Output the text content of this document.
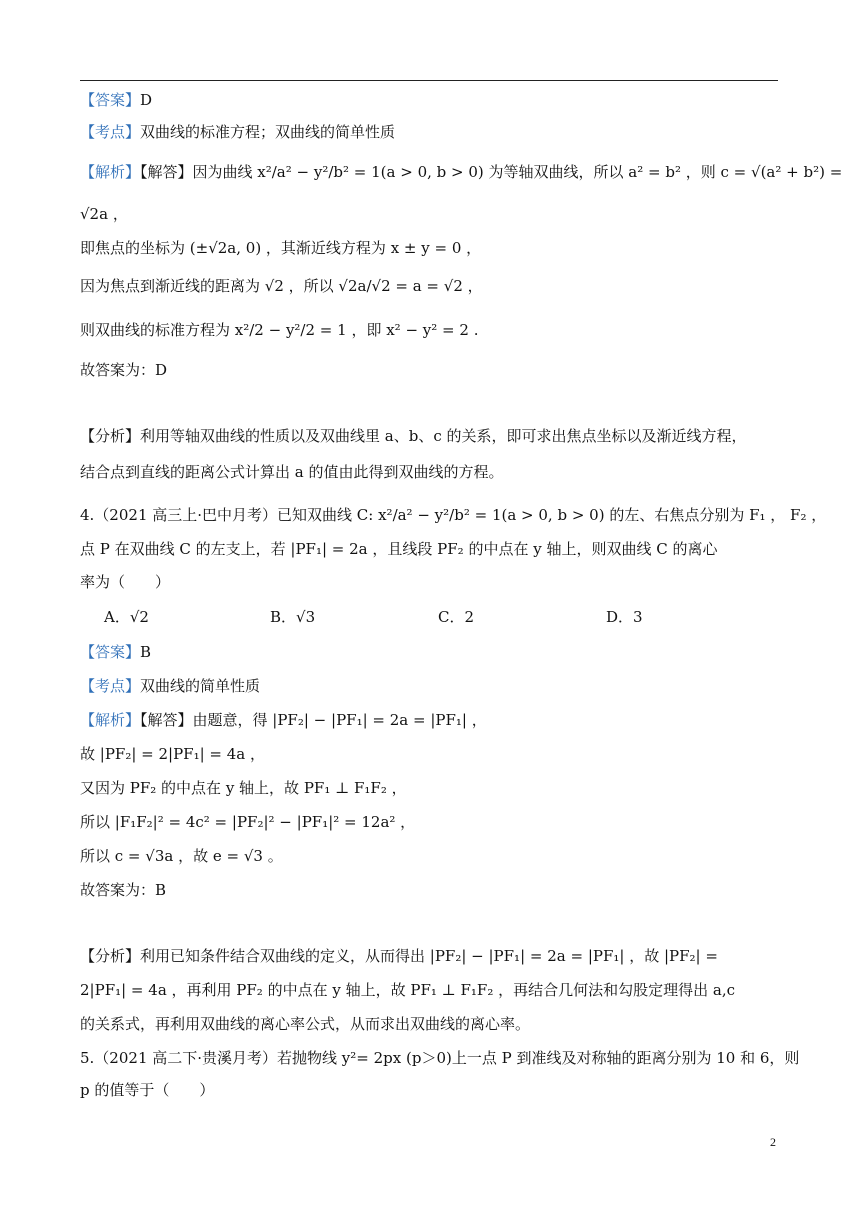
【答案】D
【考点】双曲线的标准方程；双曲线的简单性质
【解析】【解答】因为曲线 x²/a² − y²/b² = 1(a > 0, b > 0) 为等轴双曲线，所以 a² = b² ，则 c = √(a² + b²) =
√2a ，
即焦点的坐标为 (±√2a, 0) ，其渐近线方程为 x ± y = 0 ，
因为焦点到渐近线的距离为 √2 ，所以 √2a/√2 = a = √2 ，
则双曲线的标准方程为 x²/2 − y²/2 = 1 ，即 x² − y² = 2 .
故答案为：D
【分析】利用等轴双曲线的性质以及双曲线里 a、b、c 的关系，即可求出焦点坐标以及渐近线方程，
结合点到直线的距离公式计算出 a 的值由此得到双曲线的方程。
4.（2021 高三上·巴中月考）已知双曲线 C: x²/a² − y²/b² = 1(a > 0, b > 0) 的左、右焦点分别为 F₁ ， F₂ ，
点 P 在双曲线 C 的左支上，若 |PF₁| = 2a ，且线段 PF₂ 的中点在 y 轴上，则双曲线 C 的离心
率为（　　）
A．√2	B．√3	C．2	D．3
【答案】B
【考点】双曲线的简单性质
【解析】【解答】由题意，得 |PF₂| − |PF₁| = 2a = |PF₁| ，
故 |PF₂| = 2|PF₁| = 4a ，
又因为 PF₂ 的中点在 y 轴上，故 PF₁ ⊥ F₁F₂ ，
所以 |F₁F₂|² = 4c² = |PF₂|² − |PF₁|² = 12a² ，
所以 c = √3a ，故 e = √3 。
故答案为：B
【分析】利用已知条件结合双曲线的定义，从而得出 |PF₂| − |PF₁| = 2a = |PF₁| ，故 |PF₂| =
2|PF₁| = 4a ，再利用 PF₂ 的中点在 y 轴上，故 PF₁ ⊥ F₁F₂ ，再结合几何法和勾股定理得出 a,c
的关系式，再利用双曲线的离心率公式，从而求出双曲线的离心率。
5.（2021 高二下·贵溪月考）若抛物线 y²= 2px (p＞0)上一点 P 到准线及对称轴的距离分别为 10 和 6，则
p 的值等于（　　）
2
